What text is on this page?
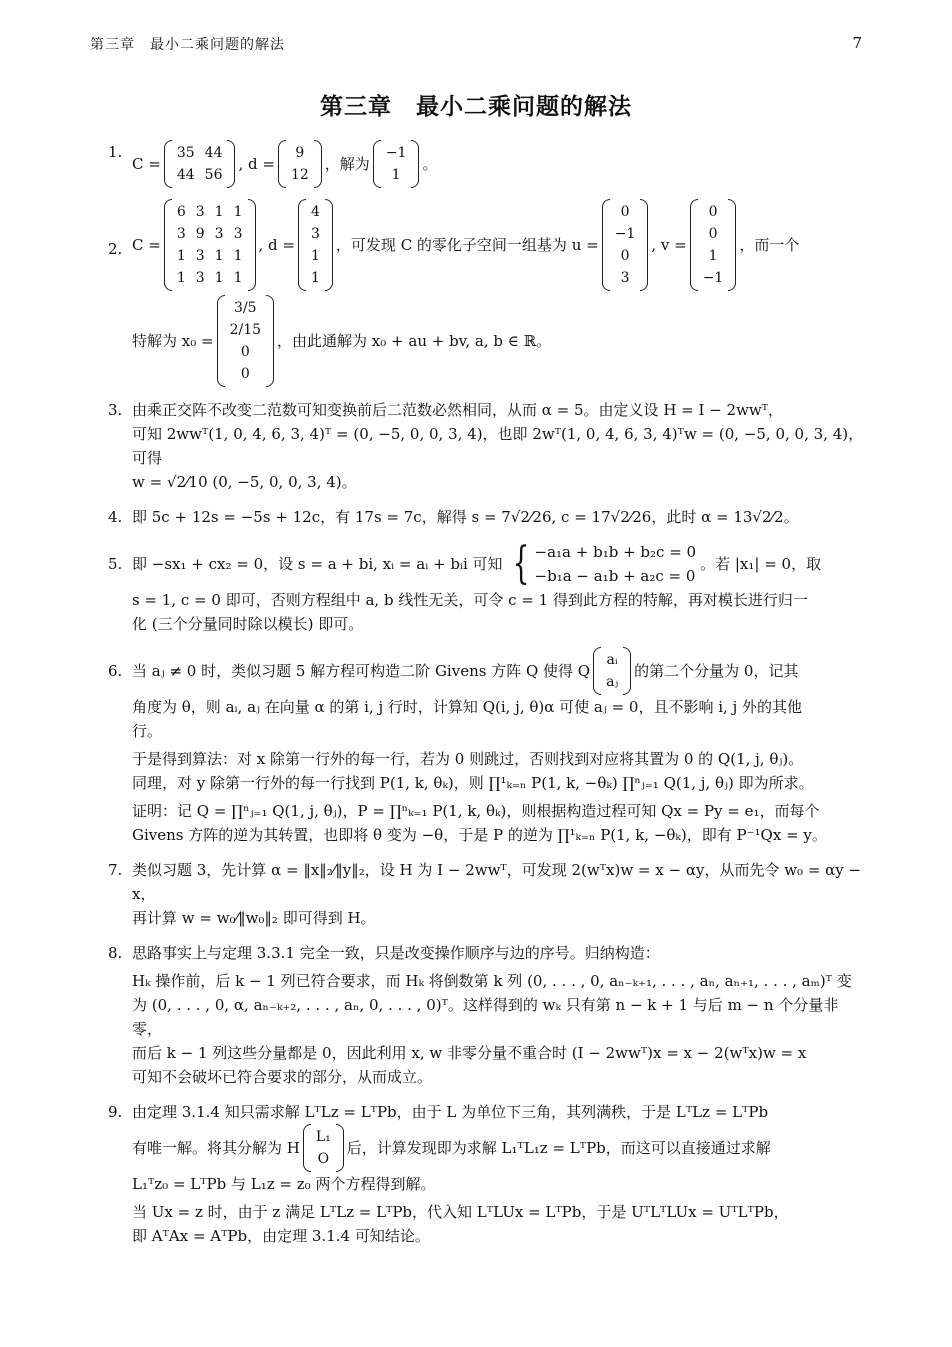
第三章　最小二乘问题的解法	7
第三章　最小二乘问题的解法
1.
C =
35	44
44	56
, d =
9
12
，解为
−1
1
。
2. C =
6	3	1	1
3	9	3	3
1	3	1	1
1	3	1	1
, d =
4
3
1
1
，可发现 C 的零化子空间一组基为 u =
0
−1
0
3
, v =
0
0
1
−1
，而一个
特解为 x₀ =
3/5
2/15
0
0
，由此通解为 x₀ + au + bv, a, b ∈ ℝ。
3. 由乘正交阵不改变二范数可知变换前后二范数必然相同，从而 α = 5。由定义设 H = I − 2wwᵀ，
可知 2wwᵀ(1, 0, 4, 6, 3, 4)ᵀ = (0, −5, 0, 0, 3, 4)，也即 2wᵀ(1, 0, 4, 6, 3, 4)ᵀw = (0, −5, 0, 0, 3, 4)，可得
w = √2⁄10 (0, −5, 0, 0, 3, 4)。
4. 即 5c + 12s = −5s + 12c，有 17s = 7c，解得 s = 7√2⁄26, c = 17√2⁄26，此时 α = 13√2⁄2。
5. 即 −sx₁ + cx₂ = 0，设 s = a + bi, xᵢ = aᵢ + bᵢi 可知 { −a₁a + b₁b + b₂c = 0
−b₁a − a₁b + a₂c = 0
。若 |x₁| = 0，取
s = 1, c = 0 即可，否则方程组中 a, b 线性无关，可令 c = 1 得到此方程的特解，再对模长进行归一
化 (三个分量同时除以模长) 即可。
6. 当 aⱼ ≠ 0 时，类似习题 5 解方程可构造二阶 Givens 方阵 Q 使得 Q
aᵢ
aⱼ
的第二个分量为 0，记其
角度为 θ，则 aᵢ, aⱼ 在向量 α 的第 i, j 行时，计算知 Q(i, j, θ)α 可使 aⱼ = 0，且不影响 i, j 外的其他
行。
于是得到算法：对 x 除第一行外的每一行，若为 0 则跳过，否则找到对应将其置为 0 的 Q(1, j, θⱼ)。
同理，对 y 除第一行外的每一行找到 P(1, k, θₖ)，则 ∏¹ₖ₌ₙ P(1, k, −θₖ) ∏ⁿⱼ₌₁ Q(1, j, θⱼ) 即为所求。
证明：记 Q = ∏ⁿⱼ₌₁ Q(1, j, θⱼ)，P = ∏ⁿₖ₌₁ P(1, k, θₖ)，则根据构造过程可知 Qx = Py = e₁，而每个
Givens 方阵的逆为其转置，也即将 θ 变为 −θ，于是 P 的逆为 ∏¹ₖ₌ₙ P(1, k, −θₖ)，即有 P⁻¹Qx = y。
7. 类似习题 3，先计算 α = ‖x‖₂⁄‖y‖₂，设 H 为 I − 2wwᵀ，可发现 2(wᵀx)w = x − αy，从而先令 w₀ = αy − x，
再计算 w = w₀⁄‖w₀‖₂ 即可得到 H。
8. 思路事实上与定理 3.3.1 完全一致，只是改变操作顺序与边的序号。归纳构造：
Hₖ 操作前，后 k − 1 列已符合要求，而 Hₖ 将倒数第 k 列 (0, . . . , 0, aₙ₋ₖ₊₁, . . . , aₙ, aₙ₊₁, . . . , aₘ)ᵀ 变
为 (0, . . . , 0, α, aₙ₋ₖ₊₂, . . . , aₙ, 0, . . . , 0)ᵀ。这样得到的 wₖ 只有第 n − k + 1 与后 m − n 个分量非零，
而后 k − 1 列这些分量都是 0，因此利用 x, w 非零分量不重合时 (I − 2wwᵀ)x = x − 2(wᵀx)w = x
可知不会破坏已符合要求的部分，从而成立。
9. 由定理 3.1.4 知只需求解 LᵀLz = LᵀPb，由于 L 为单位下三角，其列满秩，于是 LᵀLz = LᵀPb
有唯一解。将其分解为 H
L₁
O
后，计算发现即为求解 L₁ᵀL₁z = LᵀPb，而这可以直接通过求解
L₁ᵀz₀ = LᵀPb 与 L₁z = z₀ 两个方程得到解。
当 Ux = z 时，由于 z 满足 LᵀLz = LᵀPb，代入知 LᵀLUx = LᵀPb，于是 UᵀLᵀLUx = UᵀLᵀPb，
即 AᵀAx = AᵀPb，由定理 3.1.4 可知结论。
